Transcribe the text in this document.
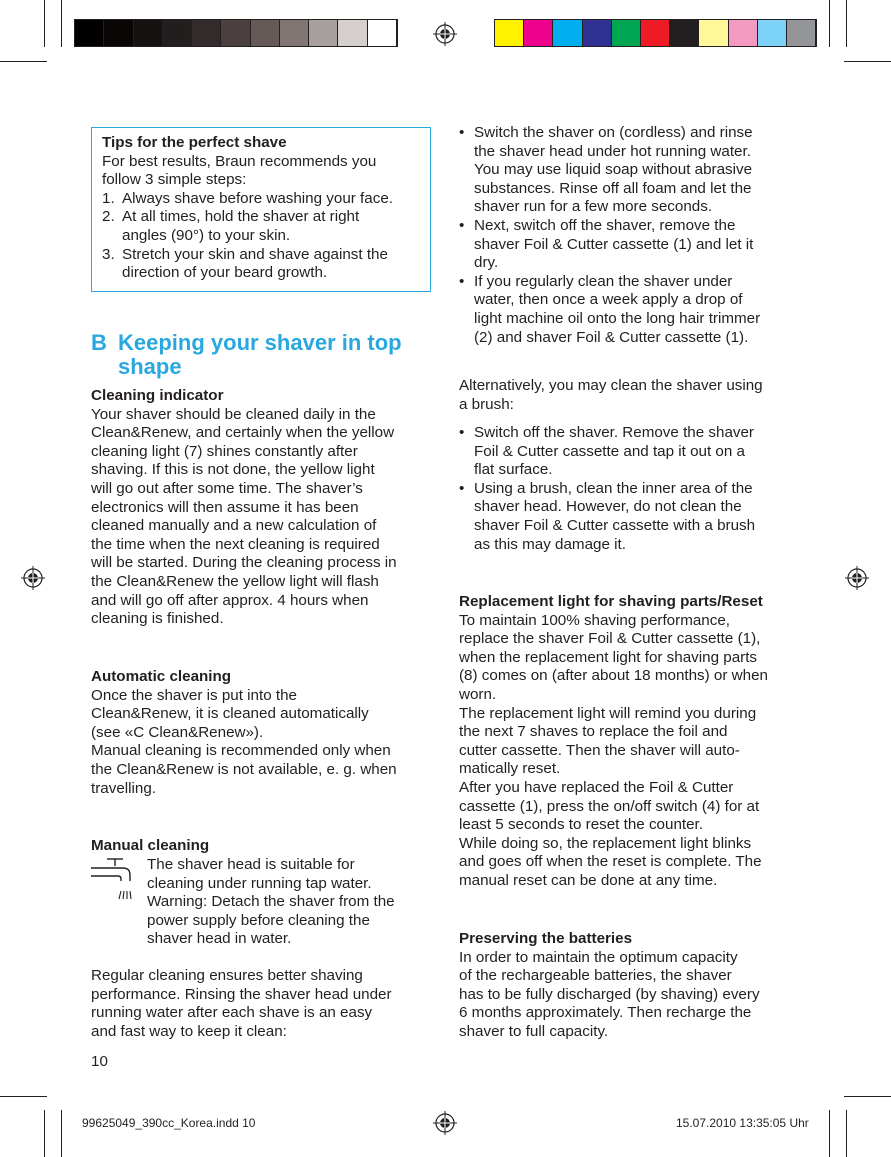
Tips for the perfect shave
For best results, Braun recommends you
follow 3 simple steps:
1. Always shave before washing your face.
2. At all times, hold the shaver at right
angles (90°) to your skin.
3. Stretch your skin and shave against the
direction of your beard growth.
B Keeping your shaver in top
shape
Cleaning indicator
Your shaver should be cleaned daily in the
Clean&Renew, and certainly when the yellow
cleaning light (7) shines constantly after
shaving. If this is not done, the yellow light
will go out after some time. The shaver’s
electronics will then assume it has been
cleaned manually and a new calculation of
the time when the next cleaning is required
will be started. During the cleaning process in
the Clean&Renew the yellow light will flash
and will go off after approx. 4 hours when
cleaning is finished.
Automatic cleaning
Once the shaver is put into the
Clean&Renew, it is cleaned automatically
(see «C Clean&Renew»).
Manual cleaning is recommended only when
the Clean&Renew is not available, e. g. when
travelling.
Manual cleaning
The shaver head is suitable for
cleaning under running tap water.
Warning: Detach the shaver from the
power supply before cleaning the
shaver head in water.
Regular cleaning ensures better shaving
performance. Rinsing the shaver head under
running water after each shave is an easy
and fast way to keep it clean:
10
• Switch the shaver on (cordless) and rinse
the shaver head under hot running water.
You may use liquid soap without abrasive
substances. Rinse off all foam and let the
shaver run for a few more seconds.
• Next, switch off the shaver, remove the
shaver Foil & Cutter cassette (1) and let it
dry.
• If you regularly clean the shaver under
water, then once a week apply a drop of
light machine oil onto the long hair trimmer
(2) and shaver Foil & Cutter cassette (1).
Alternatively, you may clean the shaver using
a brush:
• Switch off the shaver. Remove the shaver
Foil & Cutter cassette and tap it out on a
flat surface.
• Using a brush, clean the inner area of the
shaver head. However, do not clean the
shaver Foil & Cutter cassette with a brush
as this may damage it.
Replacement light for shaving parts/Reset
To maintain 100% shaving performance,
replace the shaver Foil & Cutter cassette (1),
when the replacement light for shaving parts
(8) comes on (after about 18 months) or when
worn.
The replacement light will remind you during
the next 7 shaves to replace the foil and
cutter cassette. Then the shaver will auto-
matically reset.
After you have replaced the Foil & Cutter
cassette (1), press the on/off switch (4) for at
least 5 seconds to reset the counter.
While doing so, the replacement light blinks
and goes off when the reset is complete. The
manual reset can be done at any time.
Preserving the batteries
In order to maintain the optimum capacity
of the rechargeable batteries, the shaver
has to be fully discharged (by shaving) every
6 months approximately. Then recharge the
shaver to full capacity.
99625049_390cc_Korea.indd 10	15.07.2010 13:35:05 Uhr
